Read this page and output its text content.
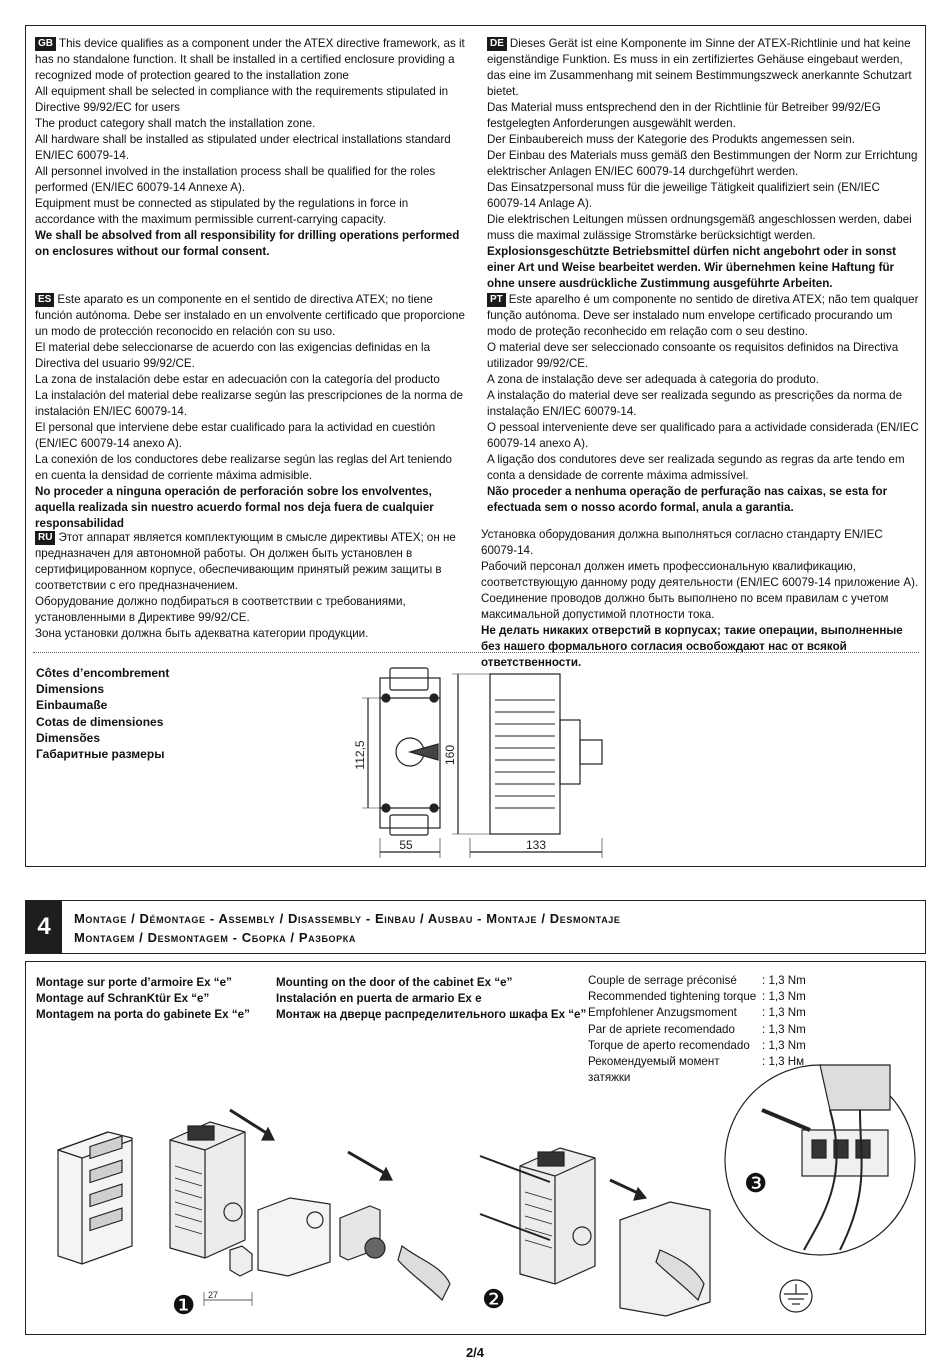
GB This device qualifies as a component under the ATEX directive framework, as it has no standalone function. It shall be installed in a certified enclosure providing a recognized mode of protection geared to the installation zone
All equipment shall be selected in compliance with the requirements stipulated in Directive 99/92/EC for users
The product category shall match the installation zone.
All hardware shall be installed as stipulated under electrical installations standard EN/IEC 60079-14.
All personnel involved in the installation process shall be qualified for the roles performed (EN/IEC 60079-14 Annexe A).
Equipment must be connected as stipulated by the regulations in force in accordance with the maximum permissible current-carrying capacity.
We shall be absolved from all responsibility for drilling operations performed on enclosures without our formal consent.
DE Dieses Gerät ist eine Komponente im Sinne der ATEX-Richtlinie und hat keine eigenständige Funktion. Es muss in ein zertifiziertes Gehäuse eingebaut werden, das eine im Zusammenhang mit seinem Bestimmungszweck anerkannte Schutzart bietet.
Das Material muss entsprechend den in der Richtlinie für Betreiber 99/92/EG festgelegten Anforderungen ausgewählt werden.
Der Einbaubereich muss der Kategorie des Produkts angemessen sein.
Der Einbau des Materials muss gemäß den Bestimmungen der Norm zur Errichtung elektrischer Anlagen EN/IEC 60079-14 durchgeführt werden.
Das Einsatzpersonal muss für die jeweilige Tätigkeit qualifiziert sein (EN/IEC 60079-14 Anlage A).
Die elektrischen Leitungen müssen ordnungsgemäß angeschlossen werden, dabei muss die maximal zulässige Stromstärke berücksichtigt werden.
Explosionsgeschützte Betriebsmittel dürfen nicht angebohrt oder in sonst einer Art und Weise bearbeitet werden. Wir übernehmen keine Haftung für ohne unsere ausdrückliche Zustimmung ausgeführte Arbeiten.
ES Este aparato es un componente en el sentido de directiva ATEX; no tiene función autónoma. Debe ser instalado en un envolvente certificado que proporcione un modo de protección reconocido en relación con su uso.
El material debe seleccionarse de acuerdo con las exigencias definidas en la Directiva del usuario 99/92/CE.
La zona de instalación debe estar en adecuación con la categoría del producto
La instalación del material debe realizarse según las prescripciones de la norma de instalación EN/IEC 60079-14.
El personal que interviene debe estar cualificado para la actividad en cuestión (EN/IEC 60079-14 anexo A).
La conexión de los conductores debe realizarse según las reglas del Art teniendo en cuenta la densidad de corriente máxima admisible.
No proceder a ninguna operación de perforación sobre los envolventes, aquella realizada sin nuestro acuerdo formal nos deja fuera de cualquier responsabilidad
PT Este aparelho é um componente no sentido de diretiva ATEX; não tem qualquer função autónoma. Deve ser instalado num envelope certificado procurando um modo de proteção reconhecido em relação com o seu destino.
O material deve ser seleccionado consoante os requisitos definidos na Directiva utilizador 99/92/CE.
A zona de instalação deve ser adequada à categoria do produto.
A instalação do material deve ser realizada segundo as prescrições da norma de instalação EN/IEC 60079-14.
O pessoal interveniente deve ser qualificado para a actividade considerada (EN/IEC 60079-14 anexo A).
A ligação dos condutores deve ser realizada segundo as regras da arte tendo em conta a densidade de corrente máxima admissível.
Não proceder a nenhuma operação de perfuração nas caixas, se esta for efectuada sem o nosso acordo formal, anula a garantia.
RU Этот аппарат является комплектующим в смысле директивы ATEX; он не предназначен для автономной работы. Он должен быть установлен в сертифицированном корпусе, обеспечивающим принятый режим защиты в соответствии с его предназначением.
Оборудование должно подбираться в соответствии с требованиями, установленными в Директиве 99/92/CE.
Зона установки должна быть адекватна категории продукции.
Установка оборудования должна выполняться согласно стандарту EN/IEC 60079-14.
Рабочий персонал должен иметь профессиональную квалификацию, соответствующую данному роду деятельности (EN/IEC 60079-14 приложение A).
Соединение проводов должно быть выполнено по всем правилам с учетом максимальной допустимой плотности тока.
Не делать никаких отверстий в корпусах; такие операции, выполненные без нашего формального согласия освобождают нас от всякой ответственности.
Côtes d’encombrement
Dimensions
Einbaumaße
Cotas de dimensiones
Dimensões
Габаритные размеры	112,5	160
55	133
4	Montage / Démontage - Assembly / Disassembly - Einbau / Ausbau - Montaje / Desmontaje
Montagem / Desmontagem - Сборка / Разборка
Montage sur porte d’armoire Ex “e”
Montage auf SchranKtür Ex “e”
Montagem na porta do gabinete Ex “e”
Mounting on the door of the cabinet Ex “e”
Instalación en puerta de armario Ex e
Монтаж на дверце распределительного шкафа Ex “e”
Couple de serrage préconisé	: 1,3 Nm
Recommended tightening torque : 1,3 Nm
Empfohlener Anzugsmoment	: 1,3 Nm
Par de apriete recomendado	: 1,3 Nm
Torque de aperto recomendado	: 1,3 Nm
Рекомендуемый момент затяжки
: 1,3 Нм
❶	❷
❸
27
2/4
